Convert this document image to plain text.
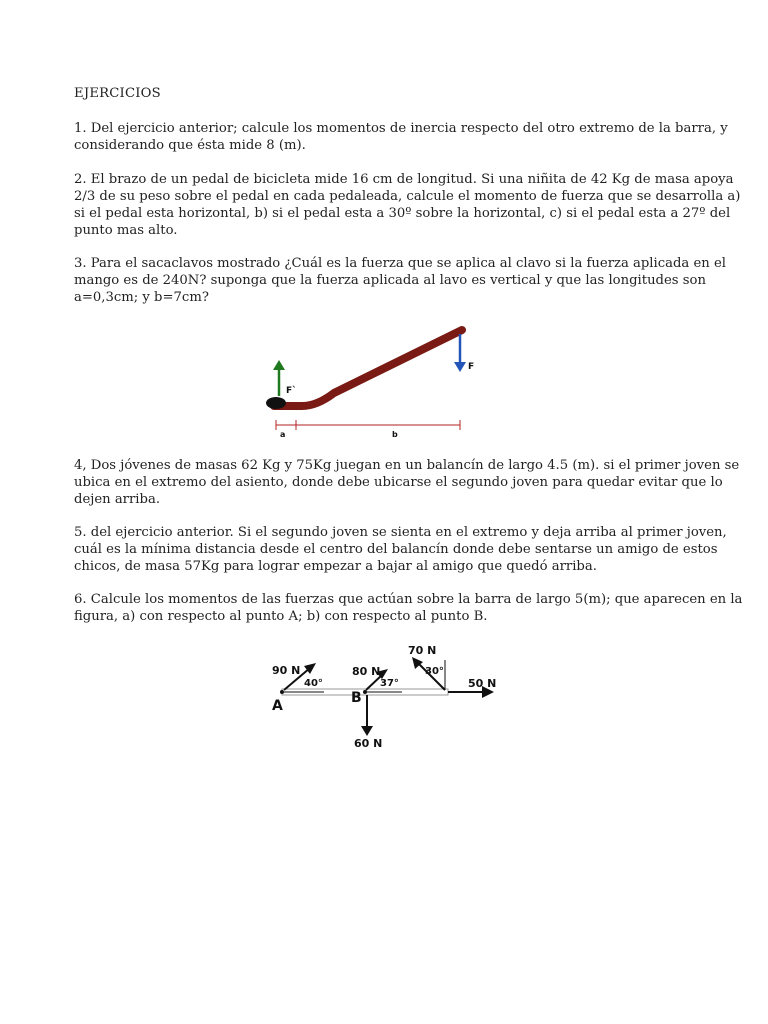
EJERCICIOS
1. Del ejercicio anterior; calcule los momentos de inercia respecto del otro extremo de la barra, y
considerando que ésta mide 8 (m).
2. El brazo de un pedal de bicicleta mide 16 cm de longitud. Si una niñita de 42 Kg de masa apoya
2/3 de su peso sobre el pedal en cada pedaleada, calcule el momento de fuerza que se desarrolla a)
si el pedal esta horizontal, b) si el pedal esta a 30º sobre la horizontal, c) si el pedal esta a 27º del
punto mas alto.
3. Para el sacaclavos mostrado ¿Cuál es la fuerza que se aplica al clavo si la fuerza aplicada en el
mango es de 240N? suponga que la fuerza aplicada al lavo es vertical y que las longitudes son
a=0,3cm; y b=7cm?
F`
F
a	b
4, Dos jóvenes de masas 62 Kg y 75Kg juegan en un balancín de largo 4.5 (m). si el primer joven se
ubica en el extremo del asiento, donde debe ubicarse el segundo joven para quedar evitar que lo
dejen arriba.
5. del ejercicio anterior. Si el segundo joven se sienta en el extremo y deja arriba al primer joven,
cuál es la mínima distancia desde el centro del balancín donde debe sentarse un amigo de estos
chicos, de masa 57Kg para lograr empezar a bajar al amigo que quedó arriba.
6. Calcule los momentos de las fuerzas que actúan sobre la barra de largo 5(m); que aparecen en la
figura, a) con respecto al punto A; b) con respecto al punto B.
A
90 N
40°
B
80 N
37°
60 N
70 N
30°
50 N
